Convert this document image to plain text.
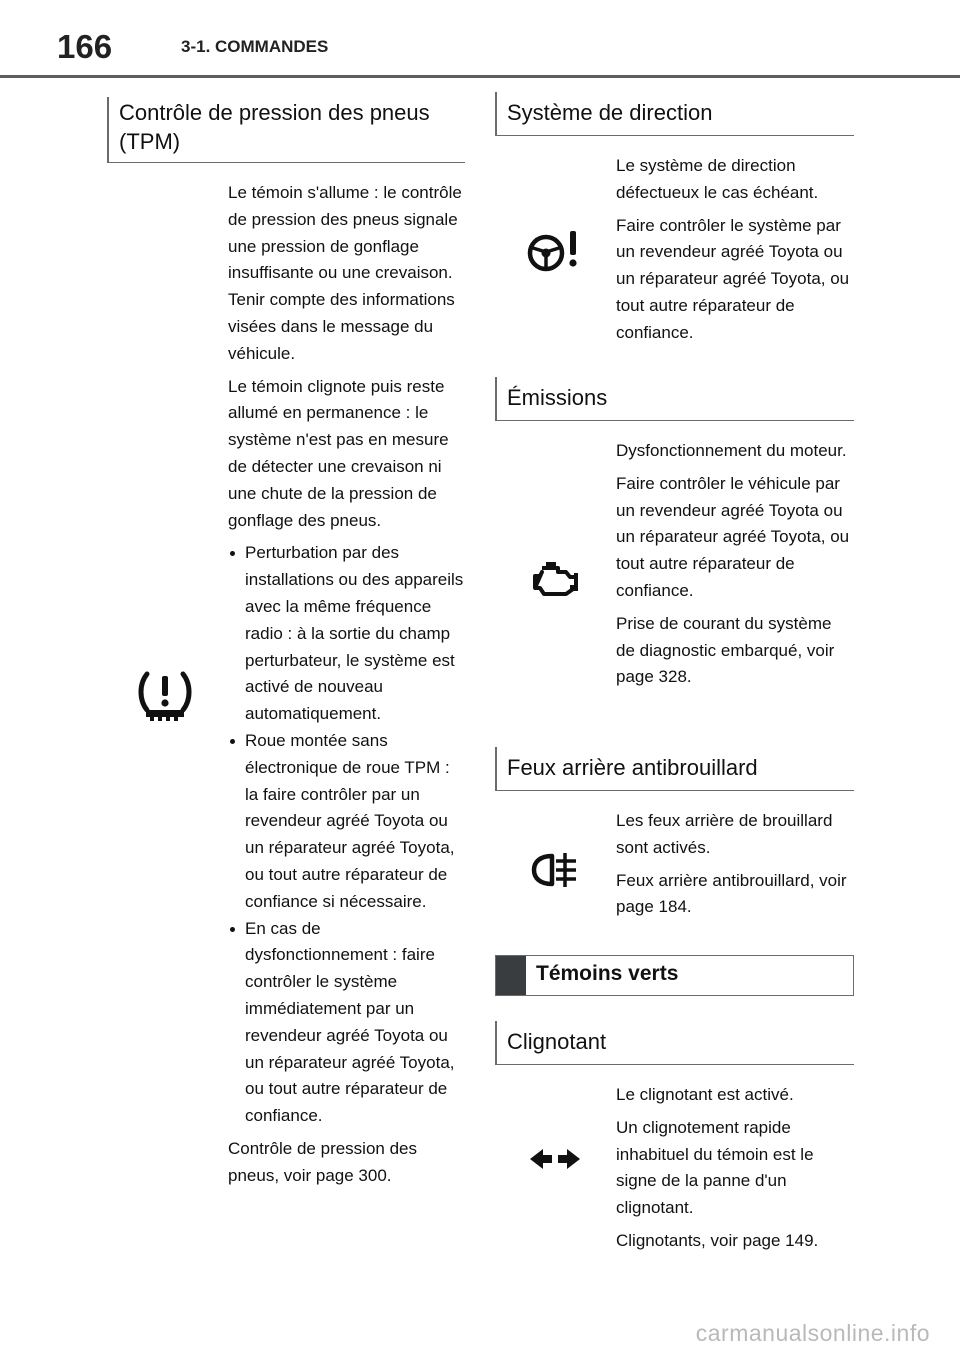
166	3-1. COMMANDES
Contrôle de pression des pneus
(TPM)

Le témoin s'allume : le contrôle de pression des pneus signale une pression de gonflage insuffisante ou une crevaison. Tenir compte des informations visées dans le message du véhicule.

Le témoin clignote puis reste allumé en permanence : le système n'est pas en mesure de détecter une crevaison ni une chute de la pression de gonflage des pneus.

Perturbation par des installations ou des appareils avec la même fréquence radio : à la sortie du champ perturbateur, le système est activé de nouveau automatiquement.
Roue montée sans électronique de roue TPM : la faire contrôler par un revendeur agréé Toyota ou un réparateur agréé Toyota, ou tout autre réparateur de confiance si nécessaire.
En cas de dysfonctionnement : faire contrôler le système immédiatement par un revendeur agréé Toyota ou un réparateur agréé Toyota, ou tout autre réparateur de confiance.

Contrôle de pression des pneus, voir page 300.

Système de direction

Le système de direction défectueux le cas échéant.

Faire contrôler le système par un revendeur agréé Toyota ou un réparateur agréé Toyota, ou tout autre réparateur de confiance.

Émissions

Dysfonctionnement du moteur.

Faire contrôler le véhicule par un revendeur agréé Toyota ou un réparateur agréé Toyota, ou tout autre réparateur de confiance.

Prise de courant du système de diagnostic embarqué, voir page 328.

Feux arrière antibrouillard

Les feux arrière de brouillard sont activés.

Feux arrière antibrouillard, voir page 184.

Témoins verts
Clignotant

Le clignotant est activé.

Un clignotement rapide inhabituel du témoin est le signe de la panne d'un clignotant.

Clignotants, voir page 149.

carmanualsonline.info
